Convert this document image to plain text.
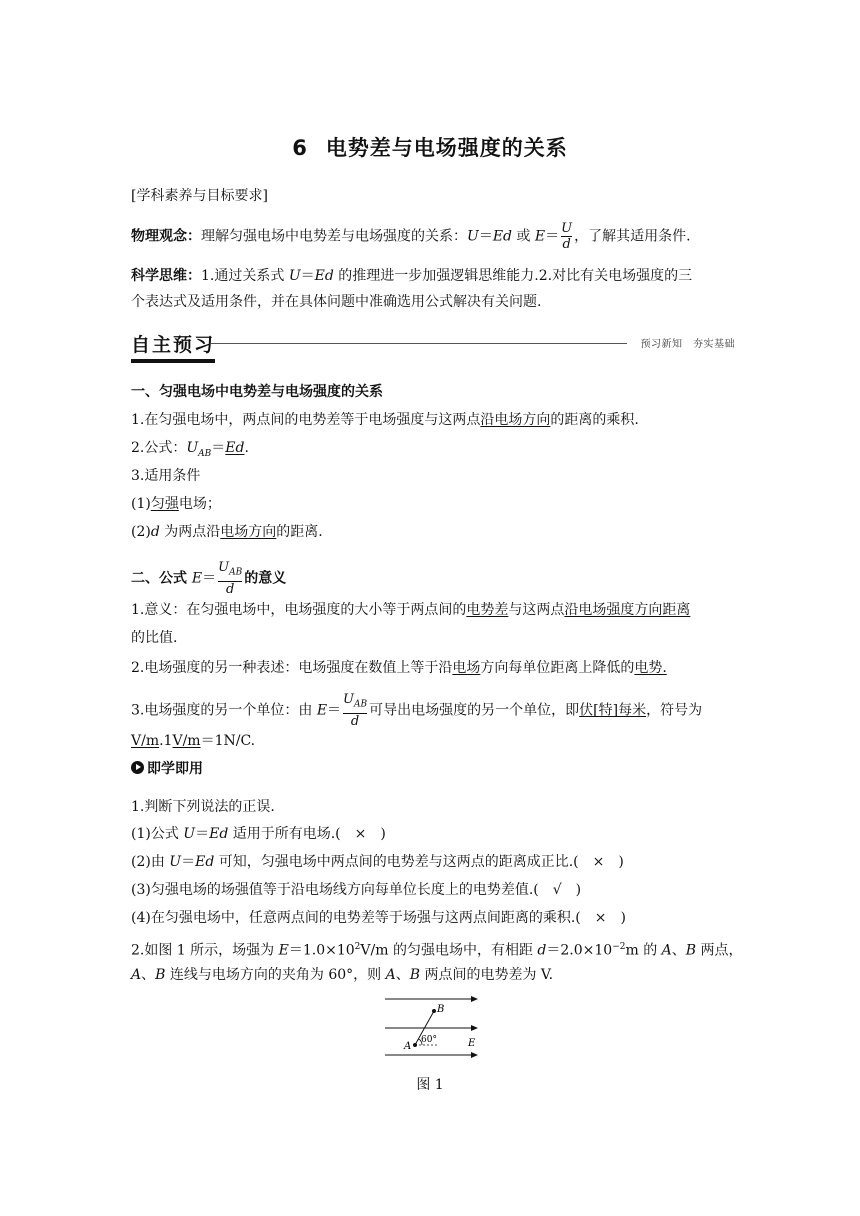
6 电势差与电场强度的关系
[学科素养与目标要求]
物理观念：理解匀强电场中电势差与电场强度的关系：U＝Ed 或 $E= \frac{U}{d}$ ，了解其适用条件.
科学思维：1.通过关系式 U＝Ed 的推理进一步加强逻辑思维能力.2.对比有关电场强度的三
个表达式及适用条件，并在具体问题中准确选用公式解决有关问题.
自主预习	预习新知　夯实基础
一、匀强电场中电势差与电场强度的关系
1.在匀强电场中，两点间的电势差等于电场强度与这两点沿电场方向的距离的乘积.
2.公式：$U_{AB}=Ed$.
3.适用条件
(1)匀强电场；
(2)d 为两点沿电场方向的距离.
二、公式 $E= \frac{U_{AB}}{d}$ 的意义
1.意义：在匀强电场中，电场强度的大小等于两点间的电势差与这两点沿电场强度方向距离
的比值.
2.电场强度的另一种表述：电场强度在数值上等于沿电场方向每单位距离上降低的电势.
3.电场强度的另一个单位：由 $E= \frac{U_{AB}}{d}$ 可导出电场强度的另一个单位，即伏[特]每米，符号为
V/m.1V/m＝1N/C.
即学即用
1.判断下列说法的正误.
(1)公式 U＝Ed 适用于所有电场.(　×　)
(2)由 U＝Ed 可知，匀强电场中两点间的电势差与这两点的距离成正比.(　×　)
(3)匀强电场的场强值等于沿电场线方向每单位长度上的电势差值.(　√　)
(4)在匀强电场中，任意两点间的电势差等于场强与这两点间距离的乘积.(　×　)
2.如图 1 所示，场强为 $E=1.0\times 10^2V/m$ 的匀强电场中，有相距 $d=2.0\times 10^{-2}m$ 的 A、B 两点，
A、B 连线与电场方向的夹角为 60°，则 A、B 两点间的电势差为 V.
A
B
60°	E
图 1
